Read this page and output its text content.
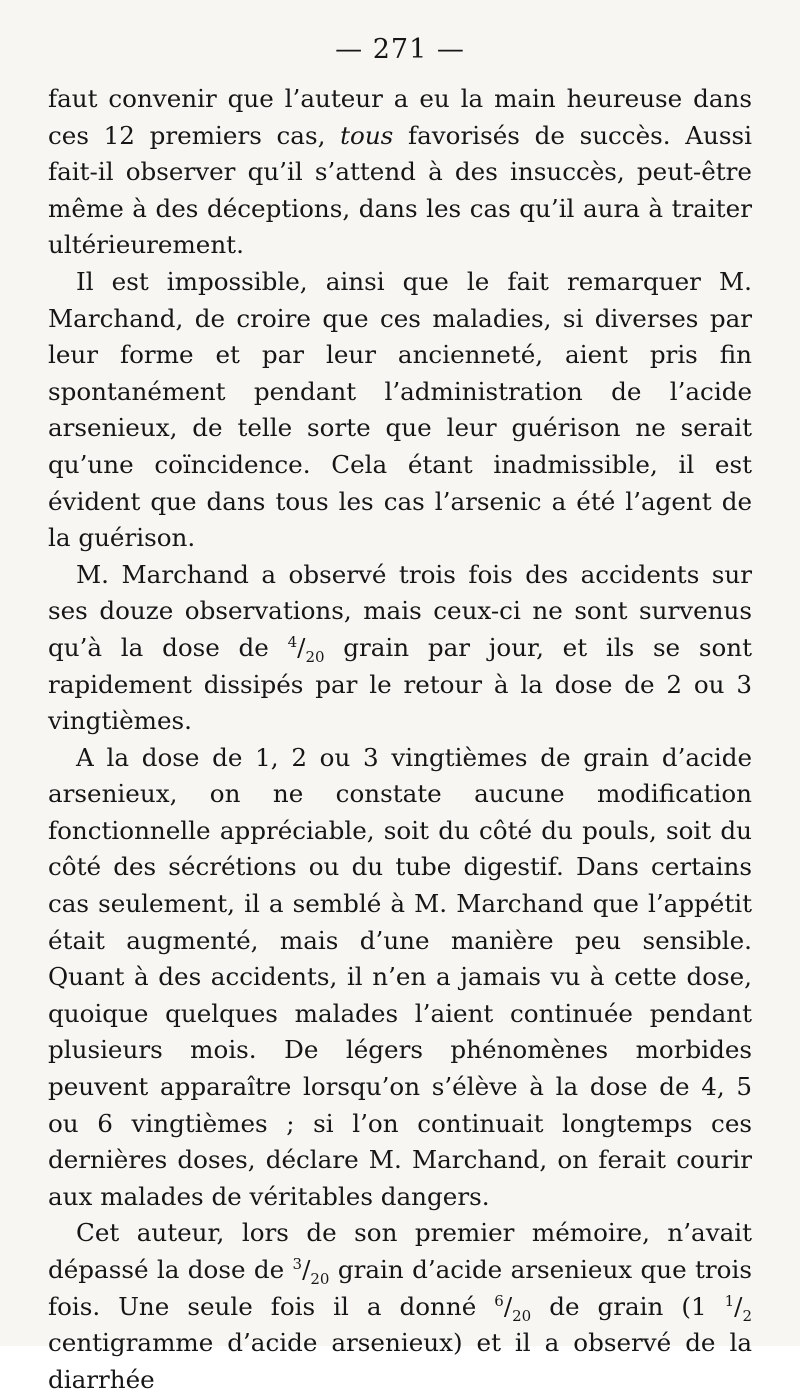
— 271 —

faut convenir que l’auteur a eu la main heureuse dans ces 12 premiers cas, tous favorisés de succès. Aussi fait-il observer qu’il s’attend à des insuccès, peut-être même à des déceptions, dans les cas qu’il aura à traiter ultérieurement.

Il est impossible, ainsi que le fait remarquer M. Marchand, de croire que ces maladies, si diverses par leur forme et par leur ancienneté, aient pris fin spontanément pendant l’administration de l’acide arsenieux, de telle sorte que leur guérison ne serait qu’une coïncidence. Cela étant inadmissible, il est évident que dans tous les cas l’arsenic a été l’agent de la guérison.

M. Marchand a observé trois fois des accidents sur ses douze observations, mais ceux-ci ne sont survenus qu’à la dose de $^4/_{20}$ grain par jour, et ils se sont rapidement dissipés par le retour à la dose de 2 ou 3 vingtièmes.

A la dose de 1, 2 ou 3 vingtièmes de grain d’acide arsenieux, on ne constate aucune modification fonctionnelle appréciable, soit du côté du pouls, soit du côté des sécrétions ou du tube digestif. Dans certains cas seulement, il a semblé à M. Marchand que l’appétit était augmenté, mais d’une manière peu sensible. Quant à des accidents, il n’en a jamais vu à cette dose, quoique quelques malades l’aient continuée pendant plusieurs mois. De légers phénomènes morbides peuvent apparaître lorsqu’on s’élève à la dose de 4, 5 ou 6 vingtièmes ; si l’on continuait longtemps ces dernières doses, déclare M. Marchand, on ferait courir aux malades de véritables dangers.

Cet auteur, lors de son premier mémoire, n’avait dépassé la dose de $^3/_{20}$ grain d’acide arsenieux que trois fois. Une seule fois il a donné $^6/_{20}$ de grain (1 $^1/_2$ centigramme d’acide arsenieux) et il a observé de la diarrhée
